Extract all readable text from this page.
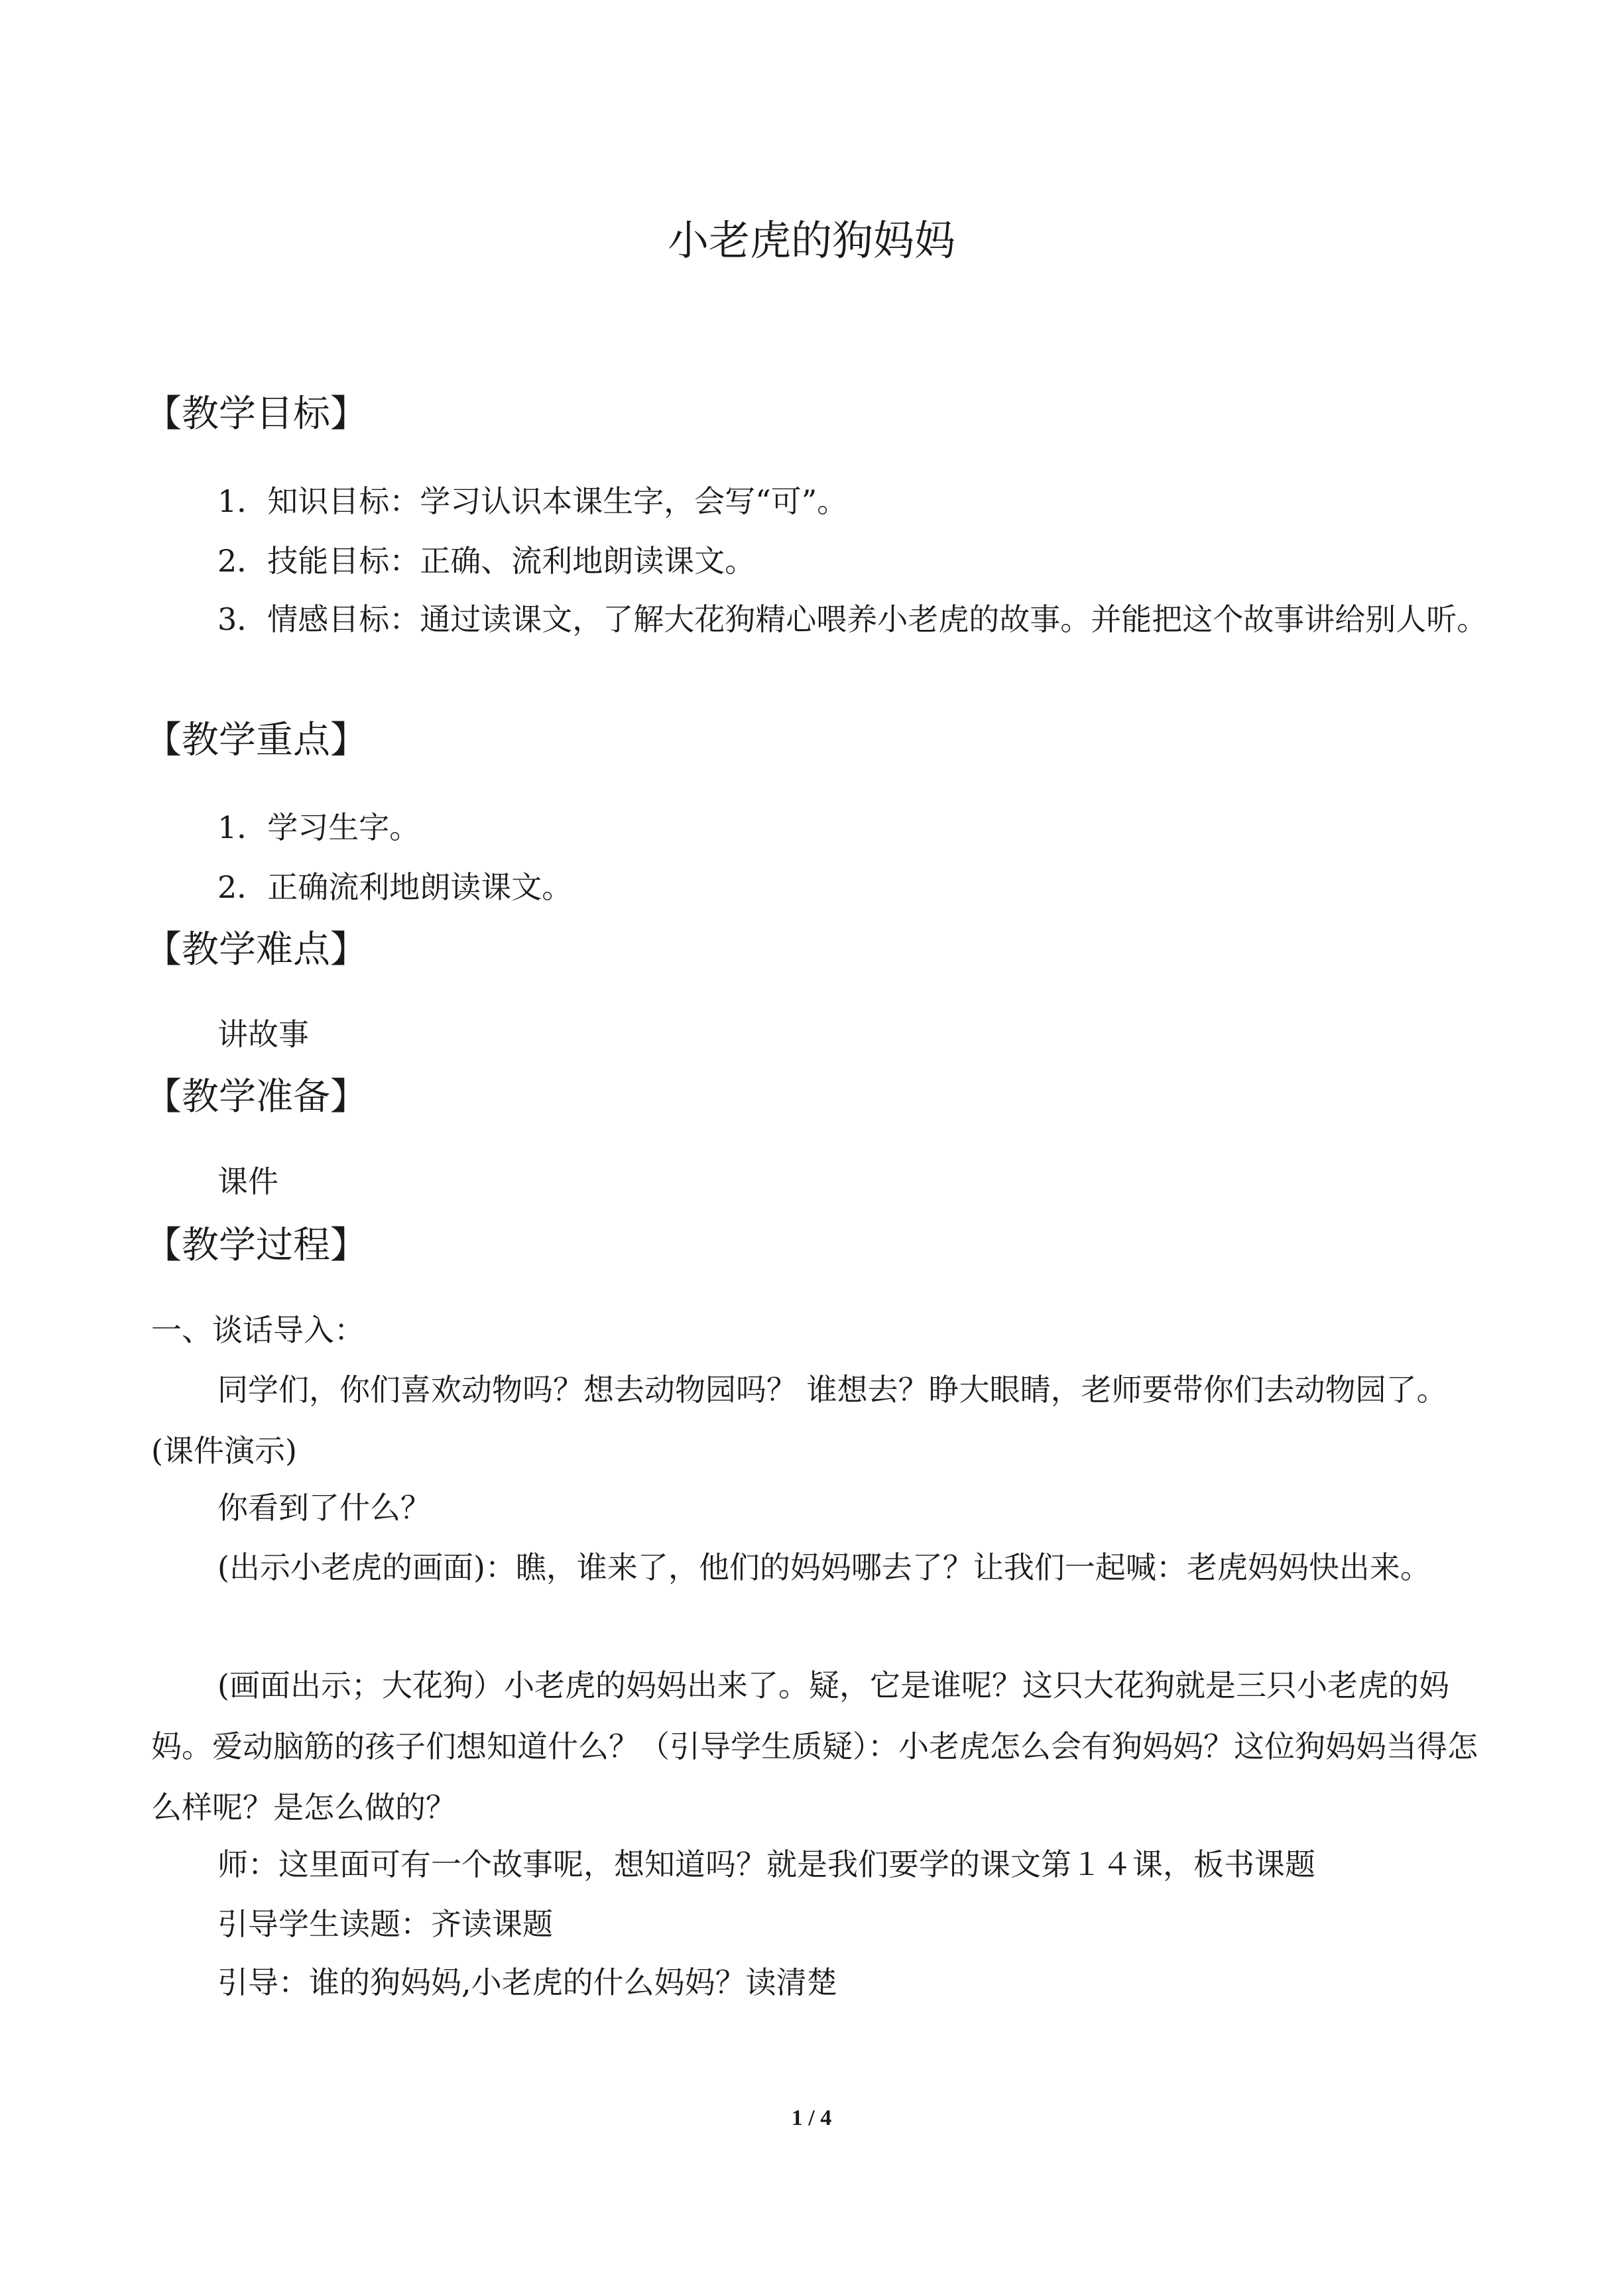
小老虎的狗妈妈
【教学目标】

1．知识目标：学习认识本课生字，会写“可”。

2．技能目标：正确、流利地朗读课文。

3．情感目标：通过读课文，了解大花狗精心喂养小老虎的故事。并能把这个故事讲给别人听。

【教学重点】

1．学习生字。

2．正确流利地朗读课文。

【教学难点】

讲故事

【教学准备】

课件

【教学过程】

一、谈话导入：

同学们，你们喜欢动物吗？想去动物园吗？ 谁想去？睁大眼睛，老师要带你们去动物园了。(课件演示)

你看到了什么？

(出示小老虎的画面)：瞧，谁来了，他们的妈妈哪去了？让我们一起喊：老虎妈妈快出来。

(画面出示；大花狗）小老虎的妈妈出来了。疑，它是谁呢？这只大花狗就是三只小老虎的妈妈。爱动脑筋的孩子们想知道什么？（引导学生质疑）：小老虎怎么会有狗妈妈？这位狗妈妈当得怎么样呢？是怎么做的？

师：这里面可有一个故事呢，想知道吗？就是我们要学的课文第１４课，板书课题

引导学生读题：齐读课题

引导：谁的狗妈妈,小老虎的什么妈妈？读清楚

1 / 4
